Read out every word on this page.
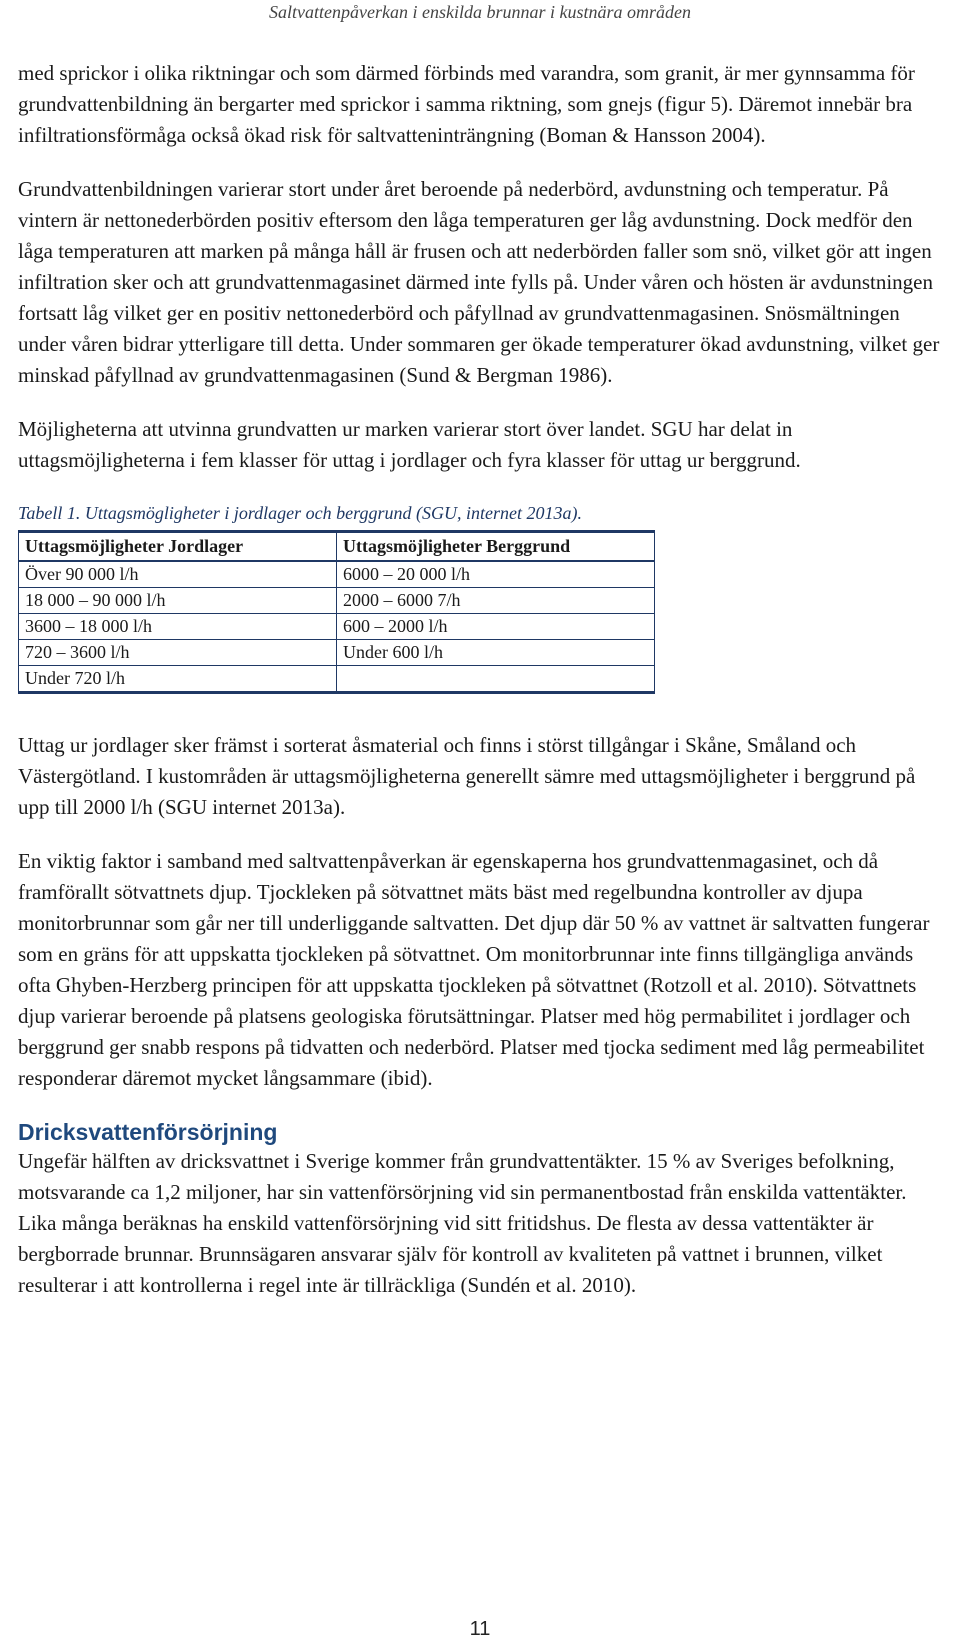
Saltvattenpåverkan i enskilda brunnar i kustnära områden

med sprickor i olika riktningar och som därmed förbinds med varandra, som granit, är mer gynnsamma för grundvattenbildning än bergarter med sprickor i samma riktning, som gnejs (figur 5). Däremot innebär bra infiltrationsförmåga också ökad risk för saltvatteninträngning (Boman & Hansson 2004).

Grundvattenbildningen varierar stort under året beroende på nederbörd, avdunstning och temperatur. På vintern är nettonederbörden positiv eftersom den låga temperaturen ger låg avdunstning. Dock medför den låga temperaturen att marken på många håll är frusen och att nederbörden faller som snö, vilket gör att ingen infiltration sker och att grundvattenmagasinet därmed inte fylls på. Under våren och hösten är avdunstningen fortsatt låg vilket ger en positiv nettonederbörd och påfyllnad av grundvattenmagasinen. Snösmältningen under våren bidrar ytterligare till detta. Under sommaren ger ökade temperaturer ökad avdunstning, vilket ger minskad påfyllnad av grundvattenmagasinen (Sund & Bergman 1986).

Möjligheterna att utvinna grundvatten ur marken varierar stort över landet. SGU har delat in uttagsmöjligheterna i fem klasser för uttag i jordlager och fyra klasser för uttag ur berggrund.

Tabell 1. Uttagsmögligheter i jordlager och berggrund (SGU, internet 2013a).
Uttagsmöjligheter Jordlager	Uttagsmöjligheter Berggrund
Över 90 000 l/h	6000 – 20 000 l/h
18 000 – 90 000 l/h	2000 – 6000 7/h
3600 – 18 000 l/h	600 – 2000 l/h
720 – 3600 l/h	Under 600 l/h
Under 720 l/h	

Uttag ur jordlager sker främst i sorterat åsmaterial och finns i störst tillgångar i Skåne, Småland och Västergötland. I kustområden är uttagsmöjligheterna generellt sämre med uttagsmöjligheter i berggrund på upp till 2000 l/h (SGU internet 2013a).

En viktig faktor i samband med saltvattenpåverkan är egenskaperna hos grundvattenmagasinet, och då framförallt sötvattnets djup. Tjockleken på sötvattnet mäts bäst med regelbundna kontroller av djupa monitorbrunnar som går ner till underliggande saltvatten. Det djup där 50 % av vattnet är saltvatten fungerar som en gräns för att uppskatta tjockleken på sötvattnet. Om monitorbrunnar inte finns tillgängliga används ofta Ghyben-Herzberg principen för att uppskatta tjockleken på sötvattnet (Rotzoll et al. 2010). Sötvattnets djup varierar beroende på platsens geologiska förutsättningar. Platser med hög permabilitet i jordlager och berggrund ger snabb respons på tidvatten och nederbörd. Platser med tjocka sediment med låg permeabilitet responderar däremot mycket långsammare (ibid).

Dricksvattenförsörjning

Ungefär hälften av dricksvattnet i Sverige kommer från grundvattentäkter. 15 % av Sveriges befolkning, motsvarande ca 1,2 miljoner, har sin vattenförsörjning vid sin permanentbostad från enskilda vattentäkter. Lika många beräknas ha enskild vattenförsörjning vid sitt fritidshus. De flesta av dessa vattentäkter är bergborrade brunnar. Brunnsägaren ansvarar själv för kontroll av kvaliteten på vattnet i brunnen, vilket resulterar i att kontrollerna i regel inte är tillräckliga (Sundén et al. 2010).

11
